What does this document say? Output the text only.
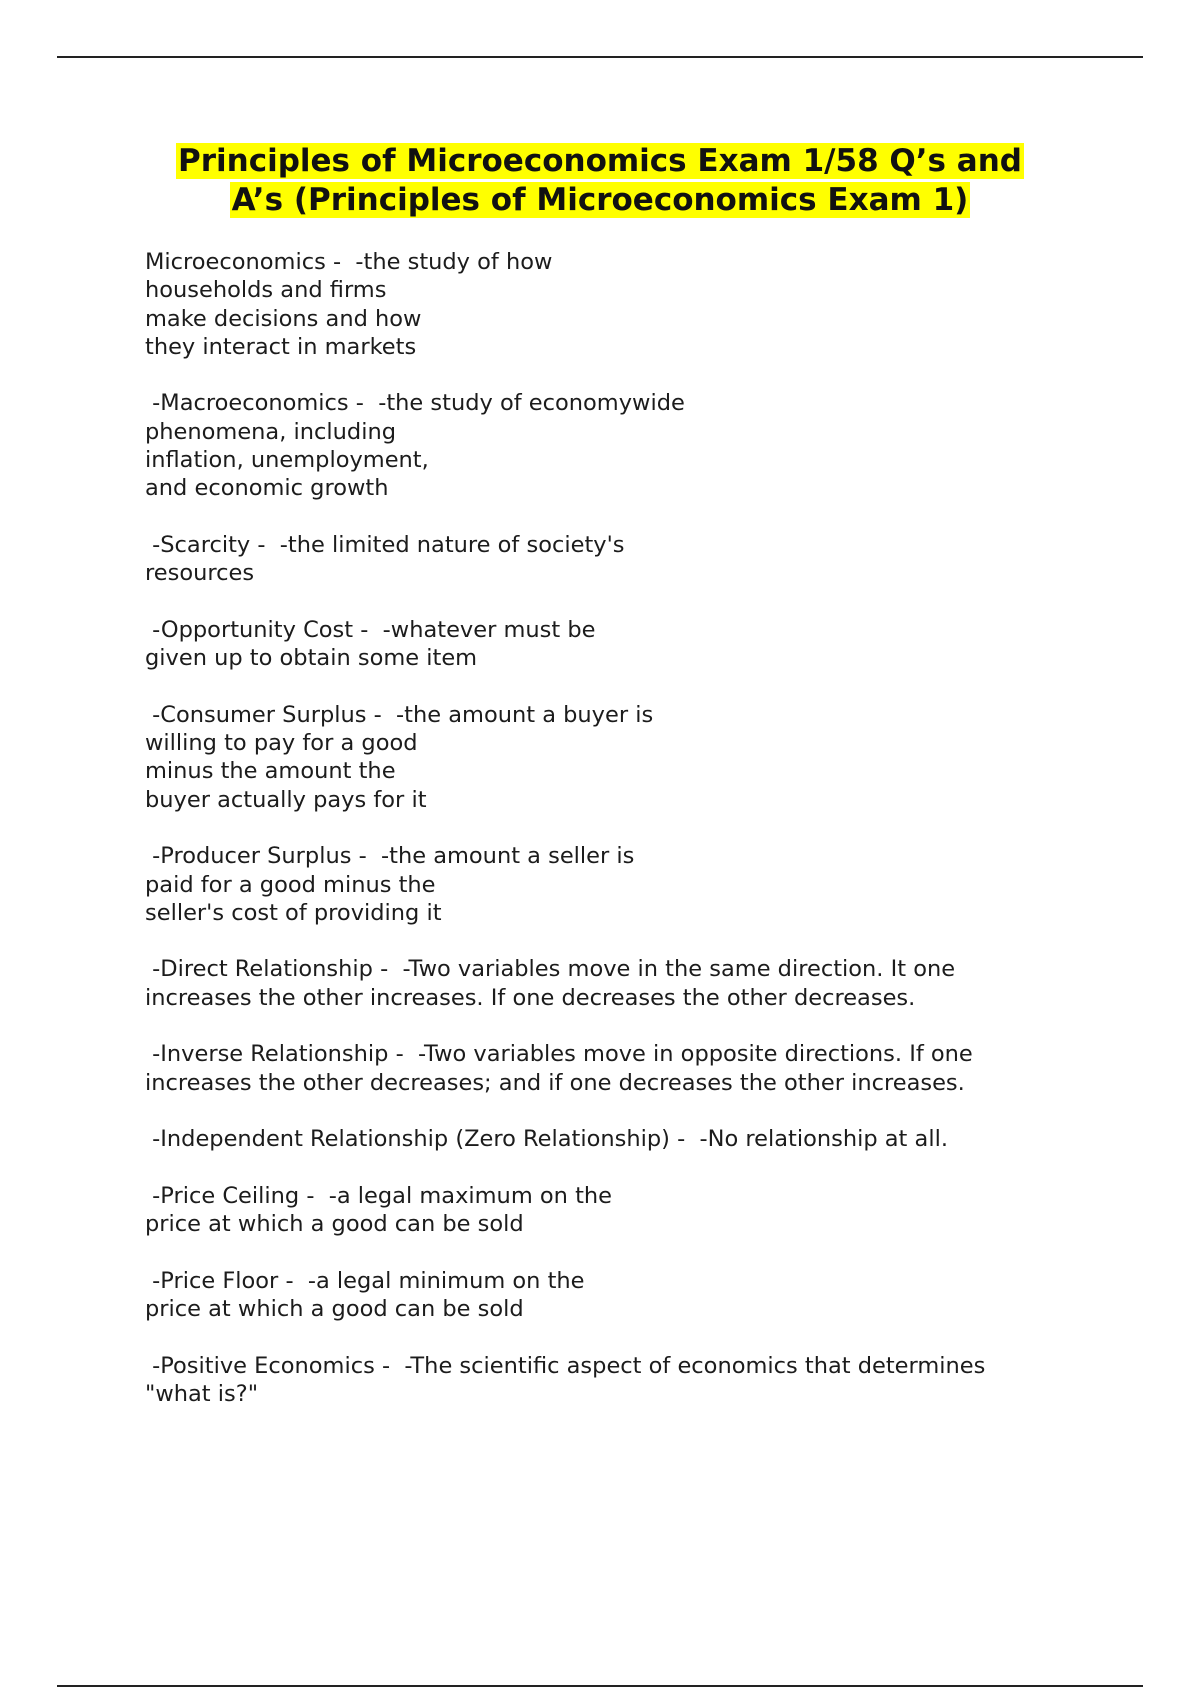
Principles of Microeconomics Exam 1/58 Q’s and
A’s (Principles of Microeconomics Exam 1)

Microeconomics -  -the study of how
households and firms
make decisions and how
they interact in markets

-Macroeconomics -  -the study of economywide
phenomena, including
inflation, unemployment,
and economic growth

-Scarcity -  -the limited nature of society's
resources

-Opportunity Cost -  -whatever must be
given up to obtain some item

-Consumer Surplus -  -the amount a buyer is
willing to pay for a good
minus the amount the
buyer actually pays for it

-Producer Surplus -  -the amount a seller is
paid for a good minus the
seller's cost of providing it

-Direct Relationship -  -Two variables move in the same direction. It one
increases the other increases. If one decreases the other decreases.

-Inverse Relationship -  -Two variables move in opposite directions. If one
increases the other decreases; and if one decreases the other increases.

-Independent Relationship (Zero Relationship) -  -No relationship at all.

-Price Ceiling -  -a legal maximum on the
price at which a good can be sold

-Price Floor -  -a legal minimum on the
price at which a good can be sold

-Positive Economics -  -The scientific aspect of economics that determines
"what is?"
